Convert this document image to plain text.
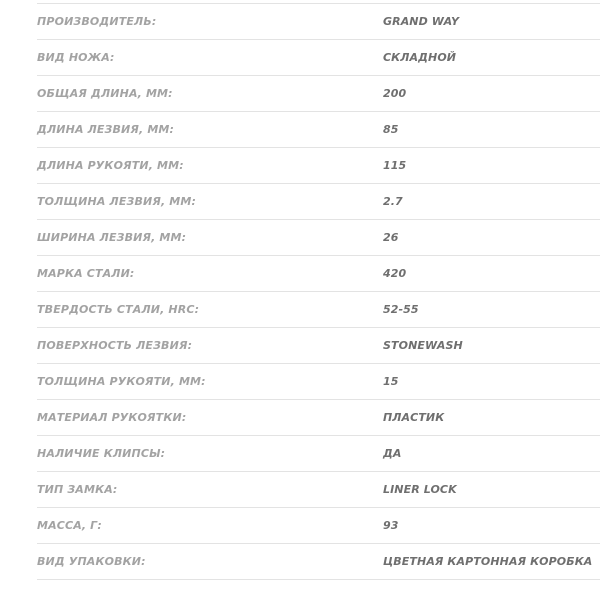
ПРОИЗВОДИТЕЛЬ:	GRAND WAY
ВИД НОЖА:	СКЛАДНОЙ
ОБЩАЯ ДЛИНА, ММ:	200
ДЛИНА ЛЕЗВИЯ, ММ:	85
ДЛИНА РУКОЯТИ, ММ:	115
ТОЛЩИНА ЛЕЗВИЯ, ММ:	2.7
ШИРИНА ЛЕЗВИЯ, ММ:	26
МАРКА СТАЛИ:	420
ТВЕРДОСТЬ СТАЛИ, HRC:	52-55
ПОВЕРХНОСТЬ ЛЕЗВИЯ:	STONEWASH
ТОЛЩИНА РУКОЯТИ, ММ:	15
МАТЕРИАЛ РУКОЯТКИ:	ПЛАСТИК
НАЛИЧИЕ КЛИПСЫ:	ДА
ТИП ЗАМКА:	LINER LOCK
МАССА, Г:	93
ВИД УПАКОВКИ:	ЦВЕТНАЯ КАРТОННАЯ КОРОБКА
